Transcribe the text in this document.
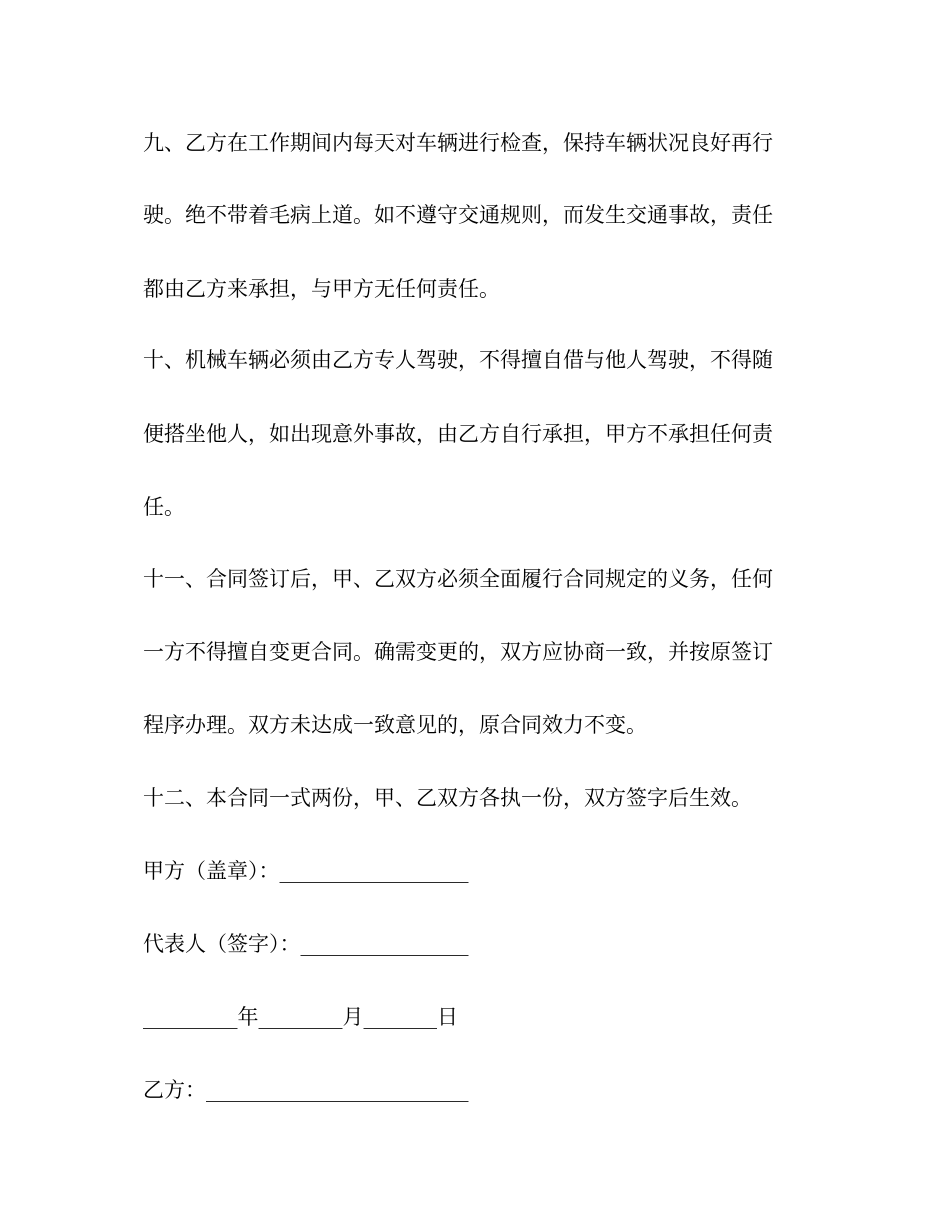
九、乙方在工作期间内每天对车辆进行检查，保持车辆状况良好再行
驶。绝不带着毛病上道。如不遵守交通规则，而发生交通事故，责任
都由乙方来承担，与甲方无任何责任。
十、机械车辆必须由乙方专人驾驶，不得擅自借与他人驾驶，不得随
便搭坐他人，如出现意外事故，由乙方自行承担，甲方不承担任何责
任。
十一、合同签订后，甲、乙双方必须全面履行合同规定的义务，任何
一方不得擅自变更合同。确需变更的，双方应协商一致，并按原签订
程序办理。双方未达成一致意见的，原合同效力不变。
十二、本合同一式两份，甲、乙双方各执一份，双方签字后生效。
甲方（盖章）：__________________
代表人（签字）：________________
_________年________月_______日
乙方：_________________________
